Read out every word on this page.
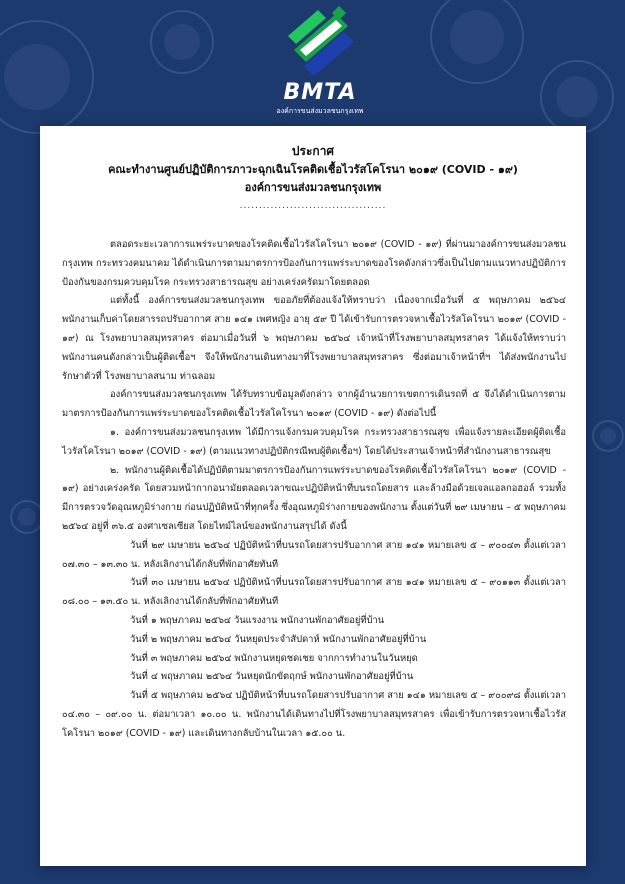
BMTA
องค์การขนส่งมวลชนกรุงเทพ
ประกาศ
คณะทำงานศูนย์ปฏิบัติการภาวะฉุกเฉินโรคติดเชื้อไวรัสโคโรนา ๒๐๑๙ (COVID - ๑๙)
องค์การขนส่งมวลชนกรุงเทพ
......................................

ตลอดระยะเวลาการแพร่ระบาดของโรคติดเชื้อไวรัสโคโรนา ๒๐๑๙ (COVID - ๑๙) ที่ผ่านมาองค์การขนส่งมวลชนกรุงเทพ กระทรวงคมนาคม ได้ดำเนินการตามมาตรการป้องกันการแพร่ระบาดของโรคดังกล่าวซึ่งเป็นไปตามแนวทางปฏิบัติการป้องกันของกรมควบคุมโรค กระทรวงสาธารณสุข อย่างเคร่งครัดมาโดยตลอด

แต่ทั้งนี้ องค์การขนส่งมวลชนกรุงเทพ ขออภัยที่ต้องแจ้งให้ทราบว่า เนื่องจากเมื่อวันที่ ๕ พฤษภาคม ๒๕๖๔ พนักงานเก็บค่าโดยสารรถปรับอากาศ สาย ๑๔๑ เพศหญิง อายุ ๕๙ ปี ได้เข้ารับการตรวจหาเชื้อไวรัสโคโรนา ๒๐๑๙ (COVID - ๑๙) ณ โรงพยาบาลสมุทรสาคร ต่อมาเมื่อวันที่ ๖ พฤษภาคม ๒๕๖๔ เจ้าหน้าที่โรงพยาบาลสมุทรสาคร ได้แจ้งให้ทราบว่าพนักงานคนดังกล่าวเป็นผู้ติดเชื้อฯ จึงให้พนักงานเดินทางมาที่โรงพยาบาลสมุทรสาคร ซึ่งต่อมาเจ้าหน้าที่ฯ ได้ส่งพนักงานไปรักษาตัวที่ โรงพยาบาลสนาม ท่าฉลอม

องค์การขนส่งมวลชนกรุงเทพ ได้รับทราบข้อมูลดังกล่าว จากผู้อำนวยการเขตการเดินรถที่ ๕ จึงได้ดำเนินการตามมาตรการป้องกันการแพร่ระบาดของโรคติดเชื้อไวรัสโคโรนา ๒๐๑๙ (COVID - ๑๙) ดังต่อไปนี้

๑. องค์การขนส่งมวลชนกรุงเทพ ได้มีการแจ้งกรมควบคุมโรค กระทรวงสาธารณสุข เพื่อแจ้งรายละเอียดผู้ติดเชื้อไวรัสโคโรนา ๒๐๑๙ (COVID - ๑๙) (ตามแนวทางปฏิบัติกรณีพบผู้ติดเชื้อฯ) โดยได้ประสานเจ้าหน้าที่สำนักงานสาธารณสุข

๒. พนักงานผู้ติดเชื้อได้ปฏิบัติตามมาตรการป้องกันการแพร่ระบาดของโรคติดเชื้อไวรัสโคโรนา ๒๐๑๙ (COVID - ๑๙) อย่างเคร่งครัด โดยสวมหน้ากากอนามัยตลอดเวลาขณะปฏิบัติหน้าที่บนรถโดยสาร และล้างมือด้วยเจลแอลกอฮอล์ รวมทั้ง มีการตรวจวัดอุณหภูมิร่างกาย ก่อนปฏิบัติหน้าที่ทุกครั้ง ซึ่งอุณหภูมิร่างกายของพนักงาน ตั้งแต่วันที่ ๒๙ เมษายน – ๕ พฤษภาคม ๒๕๖๔ อยู่ที่ ๓๖.๕ องศาเซลเซียส โดยไทม์ไลน์ของพนักงานสรุปได้ ดังนี้

วันที่ ๒๙ เมษายน ๒๕๖๔ ปฏิบัติหน้าที่บนรถโดยสารปรับอากาศ สาย ๑๔๑ หมายเลข ๕ – ๙๐๐๔๓ ตั้งแต่เวลา ๐๗.๓๐ – ๑๓.๓๐ น. หลังเลิกงานได้กลับที่พักอาศัยทันที

วันที่ ๓๐ เมษายน ๒๕๖๔ ปฏิบัติหน้าที่บนรถโดยสารปรับอากาศ สาย ๑๔๑ หมายเลข ๕ – ๙๐๑๑๓ ตั้งแต่เวลา ๐๘.๐๐ – ๑๓.๕๐ น. หลังเลิกงานได้กลับที่พักอาศัยทันที

วันที่ ๑ พฤษภาคม ๒๕๖๔ วันแรงงาน พนักงานพักอาศัยอยู่ที่บ้าน

วันที่ ๒ พฤษภาคม ๒๕๖๔ วันหยุดประจำสัปดาห์ พนักงานพักอาศัยอยู่ที่บ้าน

วันที่ ๓ พฤษภาคม ๒๕๖๔ พนักงานหยุดชดเชย จากการทำงานในวันหยุด

วันที่ ๔ พฤษภาคม ๒๕๖๔ วันหยุดนักขัตฤกษ์ พนักงานพักอาศัยอยู่ที่บ้าน

วันที่ ๕ พฤษภาคม ๒๕๖๔ ปฏิบัติหน้าที่บนรถโดยสารปรับอากาศ สาย ๑๔๑ หมายเลข ๕ – ๙๐๐๙๘ ตั้งแต่เวลา ๐๔.๓๐ – ๐๙.๐๐ น. ต่อมาเวลา ๑๐.๐๐ น. พนักงานได้เดินทางไปที่โรงพยาบาลสมุทรสาคร เพื่อเข้ารับการตรวจหาเชื้อไวรัสโคโรนา ๒๐๑๙ (COVID - ๑๙) และเดินทางกลับบ้านในเวลา ๑๕.๐๐ น.
